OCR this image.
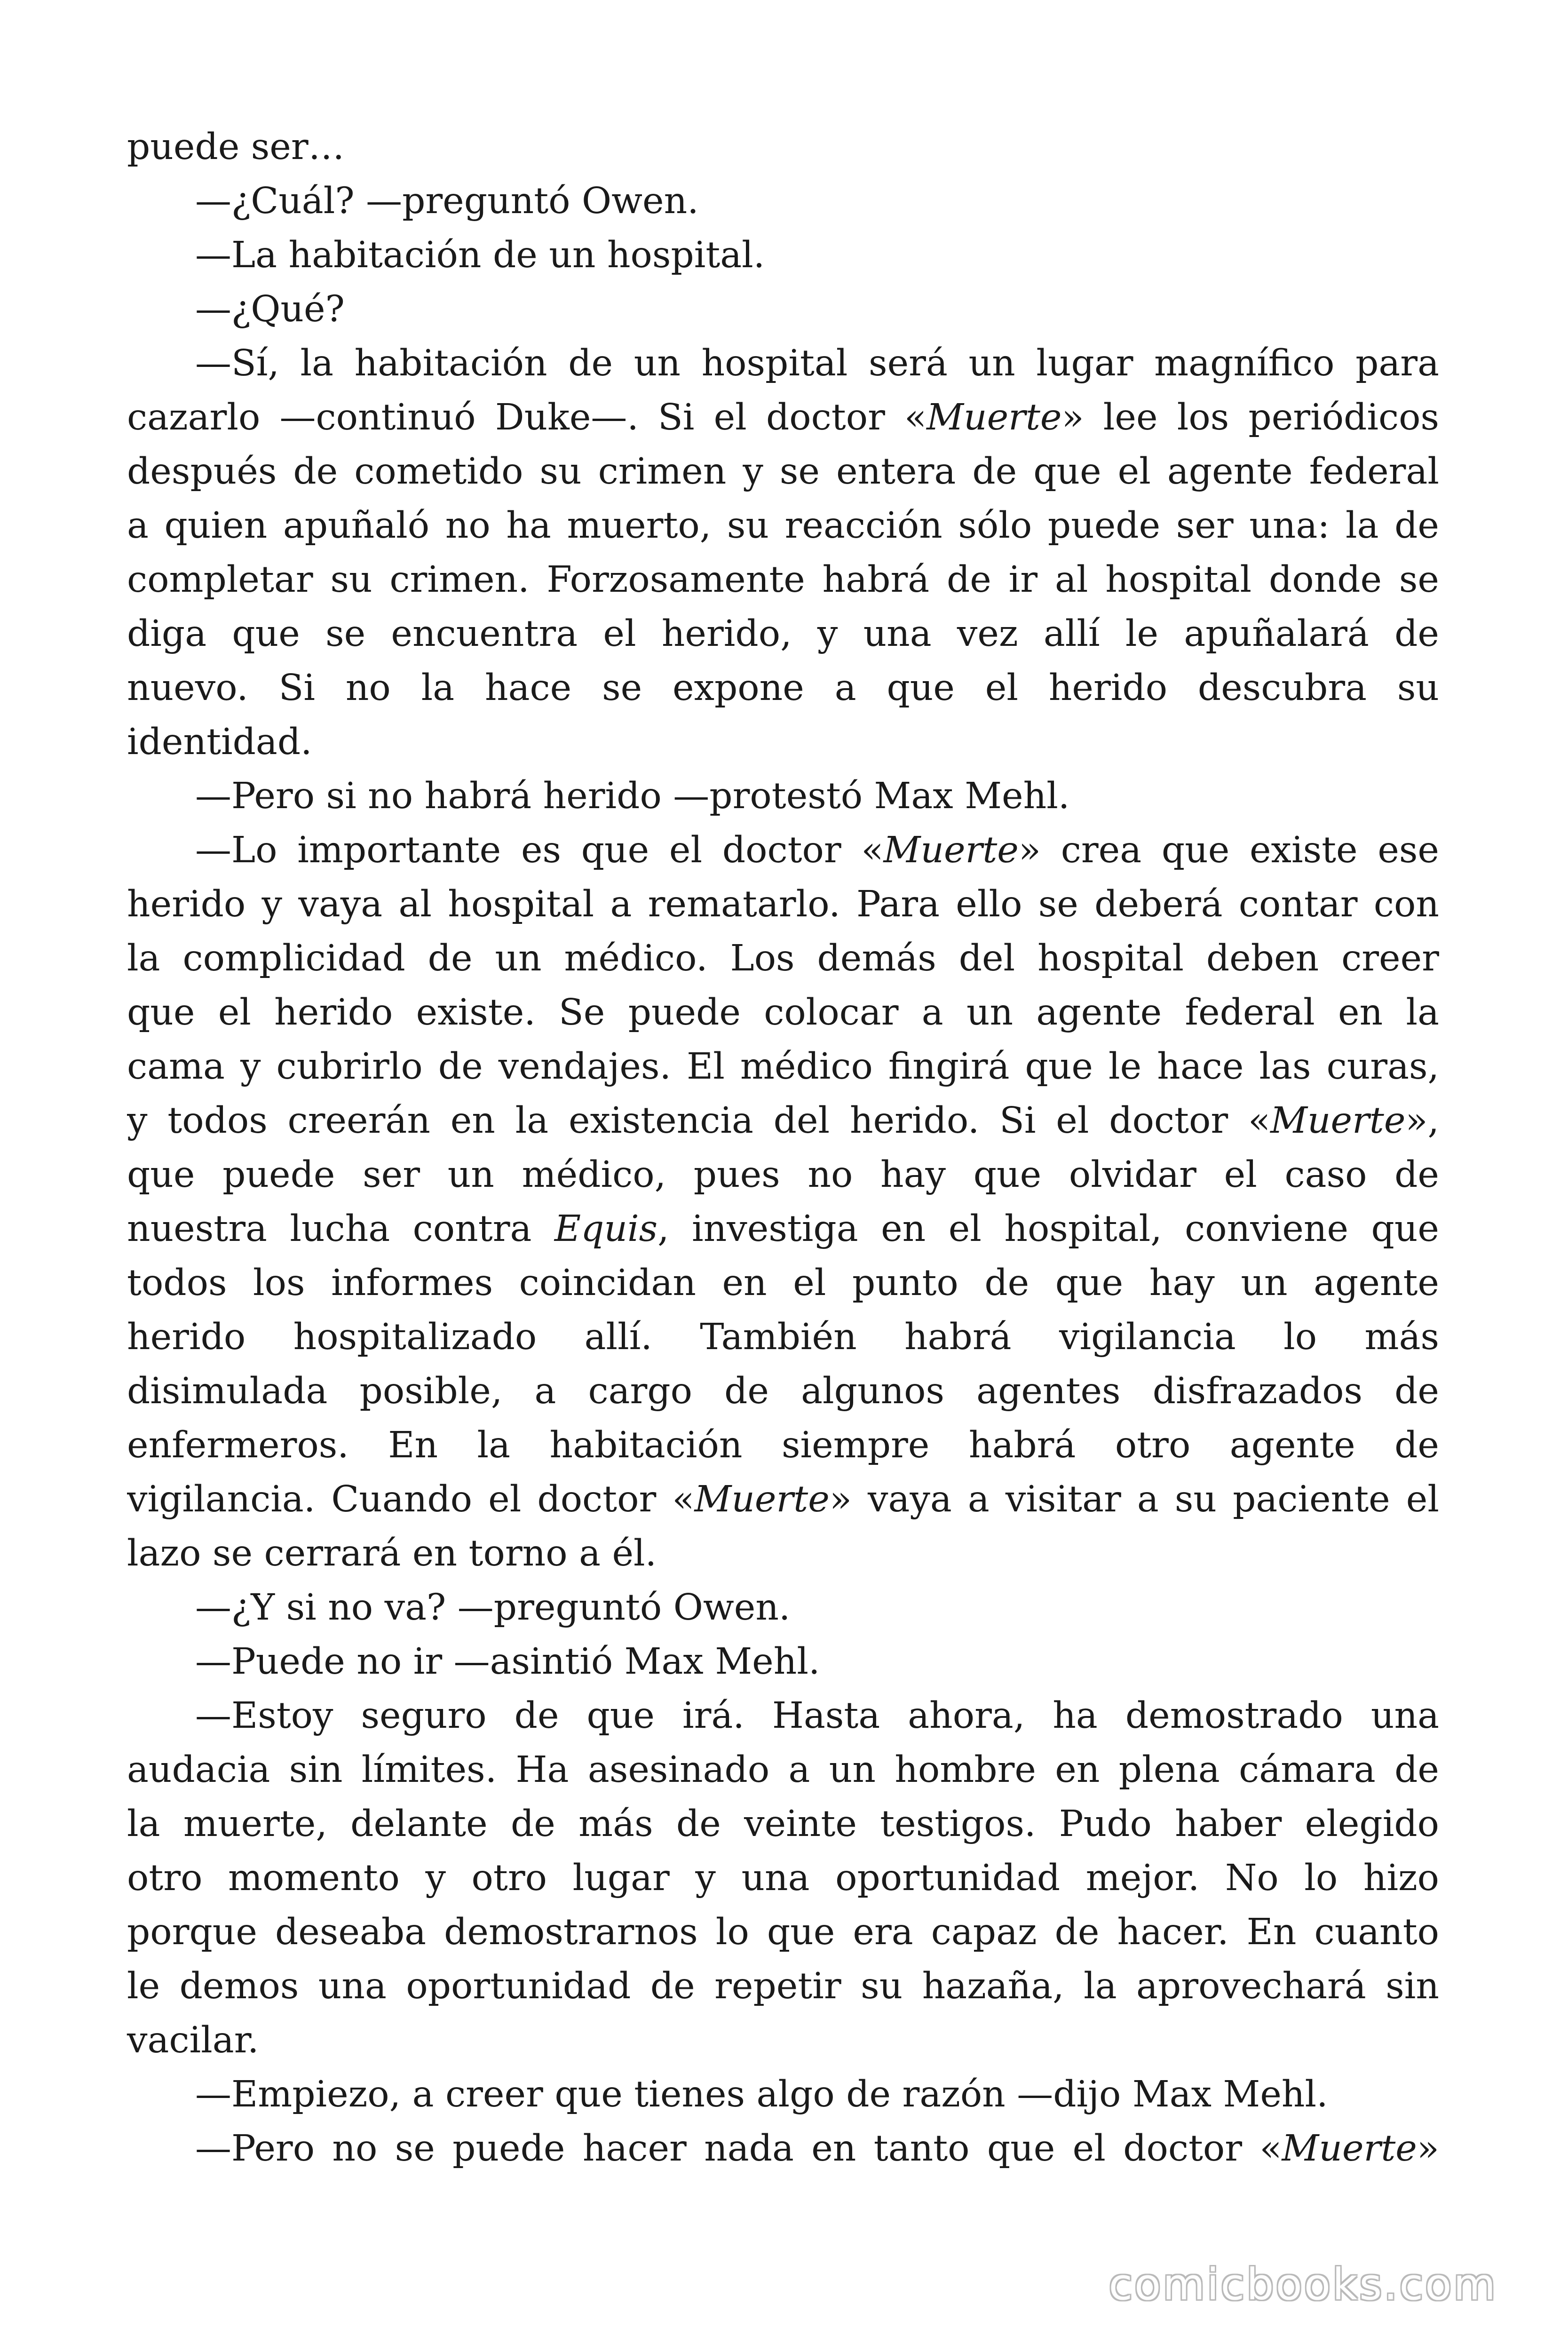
puede ser…
—¿Cuál? —preguntó Owen.
—La habitación de un hospital.
—¿Qué?
—Sí, la habitación de un hospital será un lugar magnífico para
cazarlo —continuó Duke—. Si el doctor «Muerte» lee los periódicos
después de cometido su crimen y se entera de que el agente federal
a quien apuñaló no ha muerto, su reacción sólo puede ser una: la de
completar su crimen. Forzosamente habrá de ir al hospital donde se
diga que se encuentra el herido, y una vez allí le apuñalará de
nuevo. Si no la hace se expone a que el herido descubra su
identidad.
—Pero si no habrá herido —protestó Max Mehl.
—Lo importante es que el doctor «Muerte» crea que existe ese
herido y vaya al hospital a rematarlo. Para ello se deberá contar con
la complicidad de un médico. Los demás del hospital deben creer
que el herido existe. Se puede colocar a un agente federal en la
cama y cubrirlo de vendajes. El médico fingirá que le hace las curas,
y todos creerán en la existencia del herido. Si el doctor «Muerte»,
que puede ser un médico, pues no hay que olvidar el caso de
nuestra lucha contra Equis, investiga en el hospital, conviene que
todos los informes coincidan en el punto de que hay un agente
herido hospitalizado allí. También habrá vigilancia lo más
disimulada posible, a cargo de algunos agentes disfrazados de
enfermeros. En la habitación siempre habrá otro agente de
vigilancia. Cuando el doctor «Muerte» vaya a visitar a su paciente el
lazo se cerrará en torno a él.
—¿Y si no va? —preguntó Owen.
—Puede no ir —asintió Max Mehl.
—Estoy seguro de que irá. Hasta ahora, ha demostrado una
audacia sin límites. Ha asesinado a un hombre en plena cámara de
la muerte, delante de más de veinte testigos. Pudo haber elegido
otro momento y otro lugar y una oportunidad mejor. No lo hizo
porque deseaba demostrarnos lo que era capaz de hacer. En cuanto
le demos una oportunidad de repetir su hazaña, la aprovechará sin
vacilar.
—Empiezo, a creer que tienes algo de razón —dijo Max Mehl.
—Pero no se puede hacer nada en tanto que el doctor «Muerte»
comicbooks.com
